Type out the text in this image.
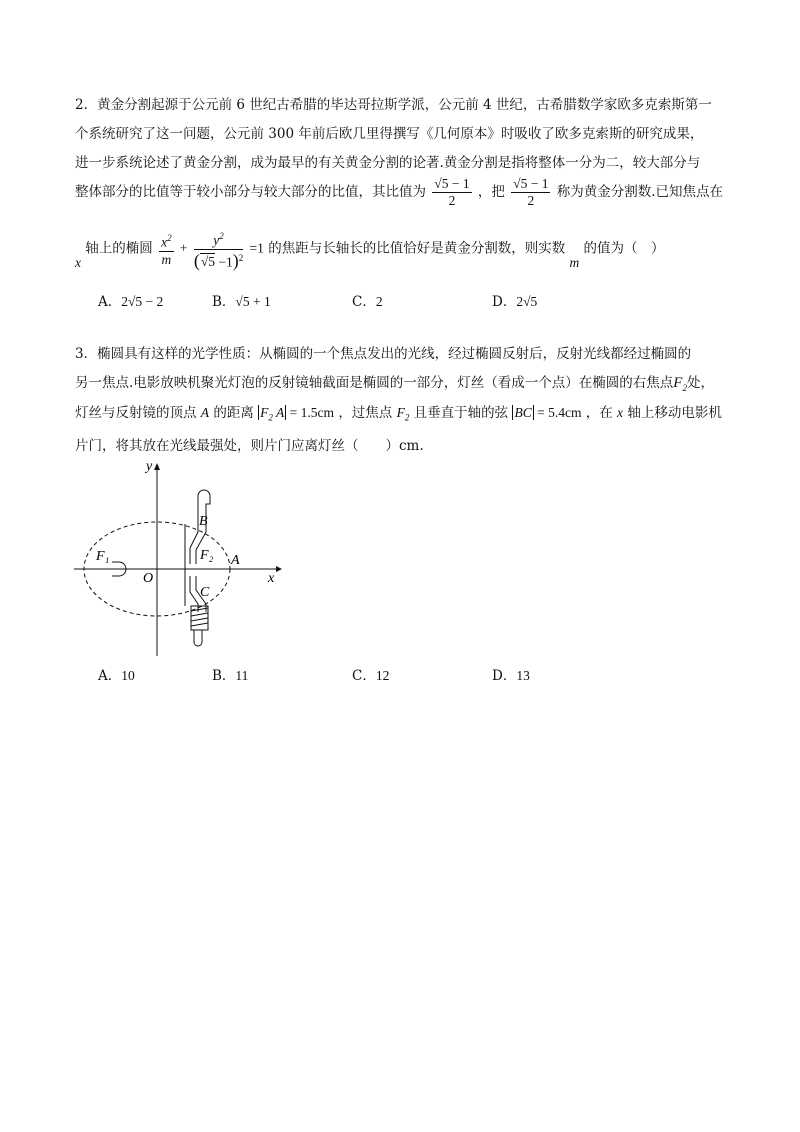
2．黄金分割起源于公元前 6 世纪古希腊的毕达哥拉斯学派，公元前 4 世纪，古希腊数学家欧多克索斯第一
个系统研究了这一问题，公元前 300 年前后欧几里得撰写《几何原本》时吸收了欧多克索斯的研究成果，
进一步系统论述了黄金分割，成为最早的有关黄金分割的论著.黄金分割是指将整体一分为二，较大部分与
整体部分的比值等于较小部分与较大部分的比值，其比值为 $\frac{√5 - 1}{2}$ ，把 $\frac{√5 - 1}{2}$ 称为黄金分割数.已知焦点在
x 轴上的椭圆 $\frac{x^2}{m} + \frac{y^2}{(√5 -1)^2} =1$ 的焦距与长轴长的比值恰好是黄金分割数，则实数 m 的值为（　）
A．2√5 − 2	B．√5 + 1	C．2	D．2√5
3．椭圆具有这样的光学性质：从椭圆的一个焦点发出的光线，经过椭圆反射后，反射光线都经过椭圆的
另一焦点.电影放映机聚光灯泡的反射镜轴截面是椭圆的一部分，灯丝（看成一个点）在椭圆的右焦点$F_2$处，
灯丝与反射镜的顶点 A 的距离 $F_2$ A = 1.5cm ，过焦点 $F_2$ 且垂直于轴的弦 BC = 5.4cm ，在 x 轴上移动电影机
片门，将其放在光线最强处，则片门应离灯丝（　　）cm.
y
x
B
C
F₁	F₂
O
A
A．10	B．11	C．12	D．13
